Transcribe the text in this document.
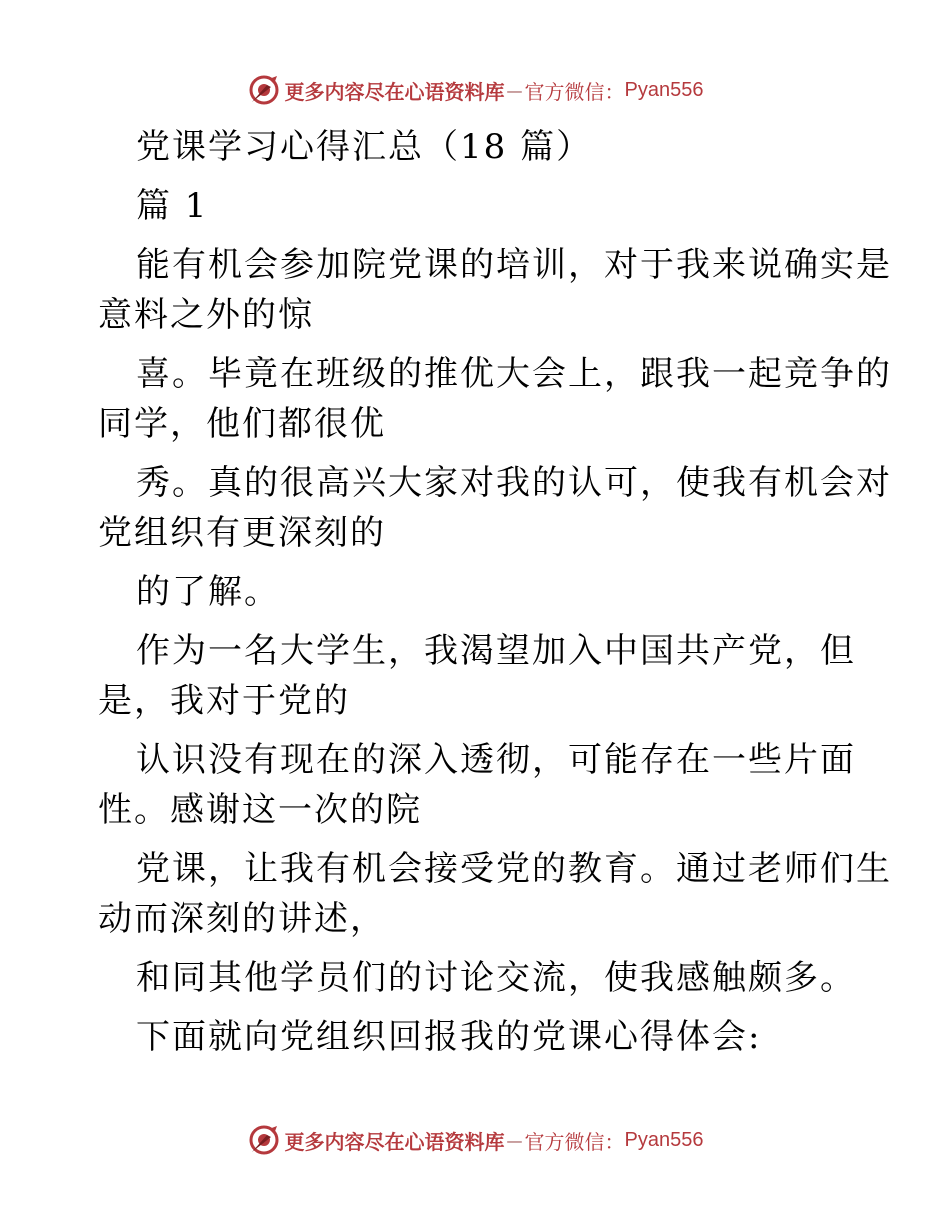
更多内容尽在心语资料库 — 官方微信： Pyan556
党课学习心得汇总（18 篇）
篇 1
能有机会参加院党课的培训，对于我来说确实是
意料之外的惊
喜。毕竟在班级的推优大会上，跟我一起竞争的
同学，他们都很优
秀。真的很高兴大家对我的认可，使我有机会对
党组织有更深刻的
的了解。
作为一名大学生，我渴望加入中国共产党，但
是，我对于党的
认识没有现在的深入透彻，可能存在一些片面
性。感谢这一次的院
党课，让我有机会接受党的教育。通过老师们生
动而深刻的讲述，
和同其他学员们的讨论交流，使我感触颇多。
下面就向党组织回报我的党课心得体会:
更多内容尽在心语资料库 — 官方微信： Pyan556
